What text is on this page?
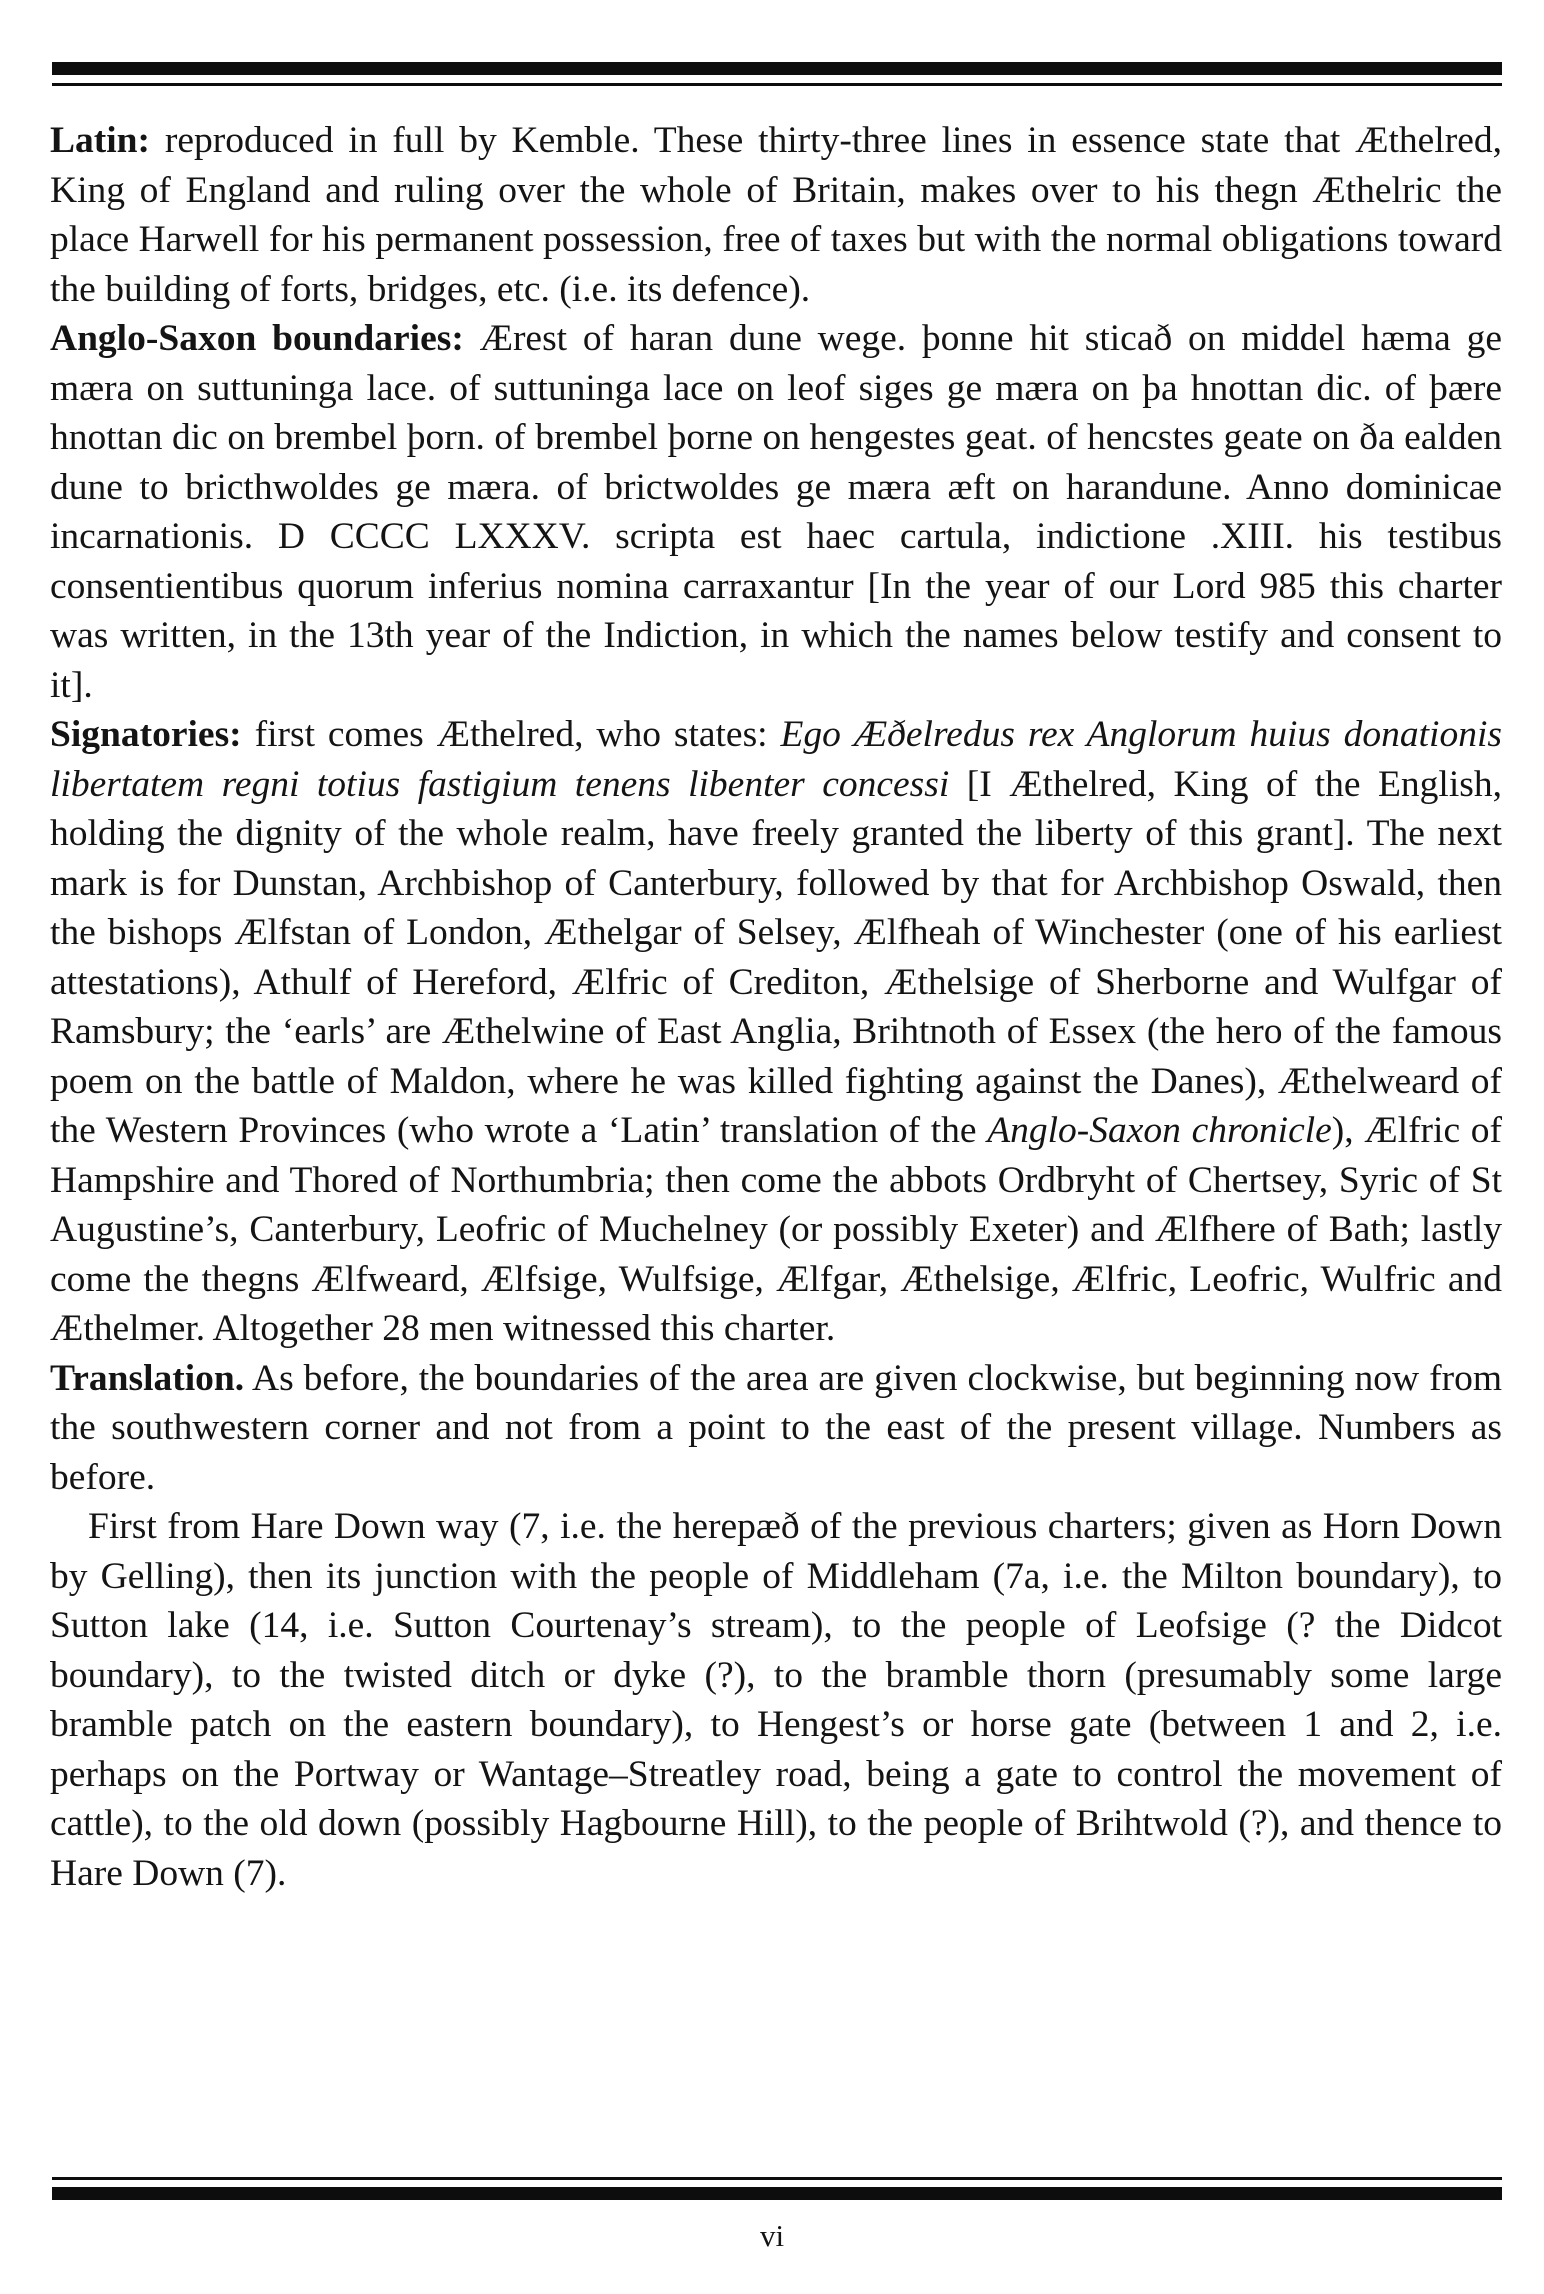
Latin: reproduced in full by Kemble. These thirty-three lines in essence state that Æthelred, King of England and ruling over the whole of Britain, makes over to his thegn Æthelric the place Harwell for his permanent possession, free of taxes but with the normal obligations toward the building of forts, bridges, etc. (i.e. its defence).

Anglo-Saxon boundaries: Ærest of haran dune wege. þonne hit sticað on middel hæma ge mæra on suttuninga lace. of suttuninga lace on leof siges ge mæra on þa hnottan dic. of þære hnottan dic on brembel þorn. of brembel þorne on hengestes geat. of hencstes geate on ða ealden dune to bricthwoldes ge mæra. of brictwoldes ge mæra æft on harandune. Anno dominicae incarnationis. D CCCC LXXXV. scripta est haec cartula, indictione .XIII. his testibus consentientibus quorum inferius nomina carraxantur [In the year of our Lord 985 this charter was written, in the 13th year of the Indiction, in which the names below testify and consent to it].

Signatories: first comes Æthelred, who states: Ego Æðelredus rex Anglorum huius donationis libertatem regni totius fastigium tenens libenter concessi [I Æthelred, King of the English, holding the dignity of the whole realm, have freely granted the liberty of this grant]. The next mark is for Dunstan, Archbishop of Canterbury, followed by that for Archbishop Oswald, then the bishops Ælfstan of London, Æthelgar of Selsey, Ælfheah of Winchester (one of his earliest attestations), Athulf of Hereford, Ælfric of Crediton, Æthelsige of Sherborne and Wulfgar of Ramsbury; the ‘earls’ are Æthelwine of East Anglia, Brihtnoth of Essex (the hero of the famous poem on the battle of Maldon, where he was killed fighting against the Danes), Æthelweard of the Western Provinces (who wrote a ‘Latin’ translation of the Anglo-Saxon chronicle), Ælfric of Hampshire and Thored of Northumbria; then come the abbots Ordbryht of Chertsey, Syric of St Augustine’s, Canterbury, Leofric of Muchelney (or possibly Exeter) and Ælfhere of Bath; lastly come the thegns Ælfweard, Ælfsige, Wulfsige, Ælfgar, Æthelsige, Ælfric, Leofric, Wulfric and Æthelmer. Altogether 28 men witnessed this charter.

Translation. As before, the boundaries of the area are given clockwise, but beginning now from the southwestern corner and not from a point to the east of the present village. Numbers as before.

First from Hare Down way (7, i.e. the herepæð of the previous charters; given as Horn Down by Gelling), then its junction with the people of Middleham (7a, i.e. the Milton boundary), to Sutton lake (14, i.e. Sutton Courtenay’s stream), to the people of Leofsige (? the Didcot boundary), to the twisted ditch or dyke (?), to the bramble thorn (presumably some large bramble patch on the eastern boundary), to Hengest’s or horse gate (between 1 and 2, i.e. perhaps on the Portway or Wantage–Streatley road, being a gate to control the movement of cattle), to the old down (possibly Hagbourne Hill), to the people of Brihtwold (?), and thence to Hare Down (7).

vi
